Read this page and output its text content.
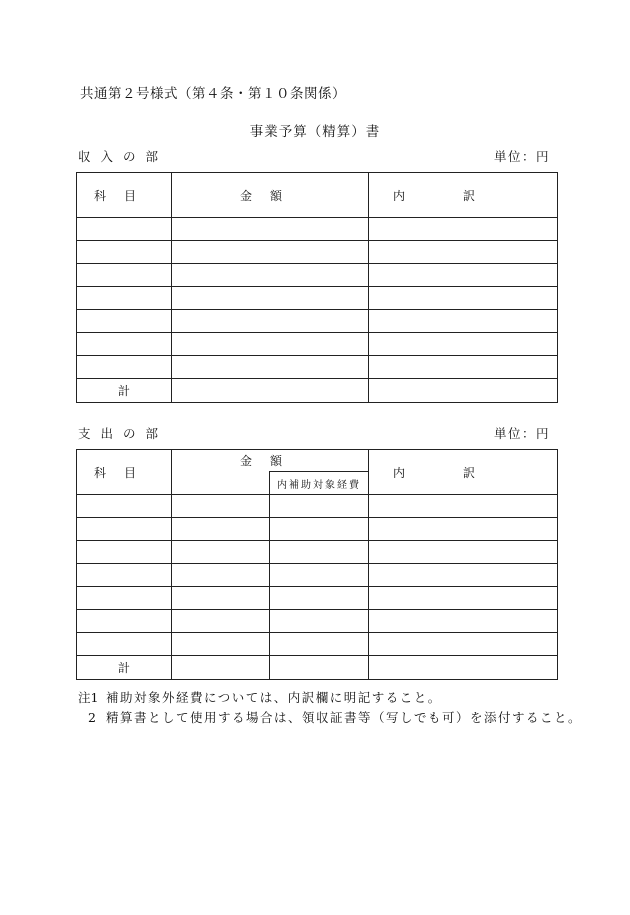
共通第２号様式（第４条・第１０条関係）
事業予算（精算）書
収入の部	単位：円
科目	金額	内訳

計		
支出の部	単位：円
科目	金額		内訳
		内補助対象経費	

計			
注1 補助対象外経費については、内訳欄に明記すること。
2 精算書として使用する場合は、領収証書等（写しでも可）を添付すること。
